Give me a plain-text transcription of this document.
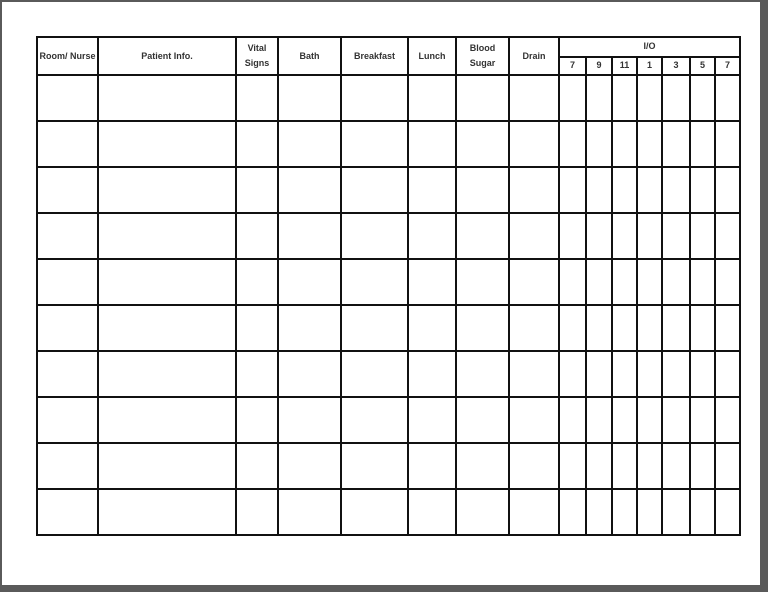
Room/ Nurse	Patient Info.	Vital Signs	Bath	Breakfast	Lunch	Blood Sugar	Drain	I/O						
								7	9	11	1	3	5	7
